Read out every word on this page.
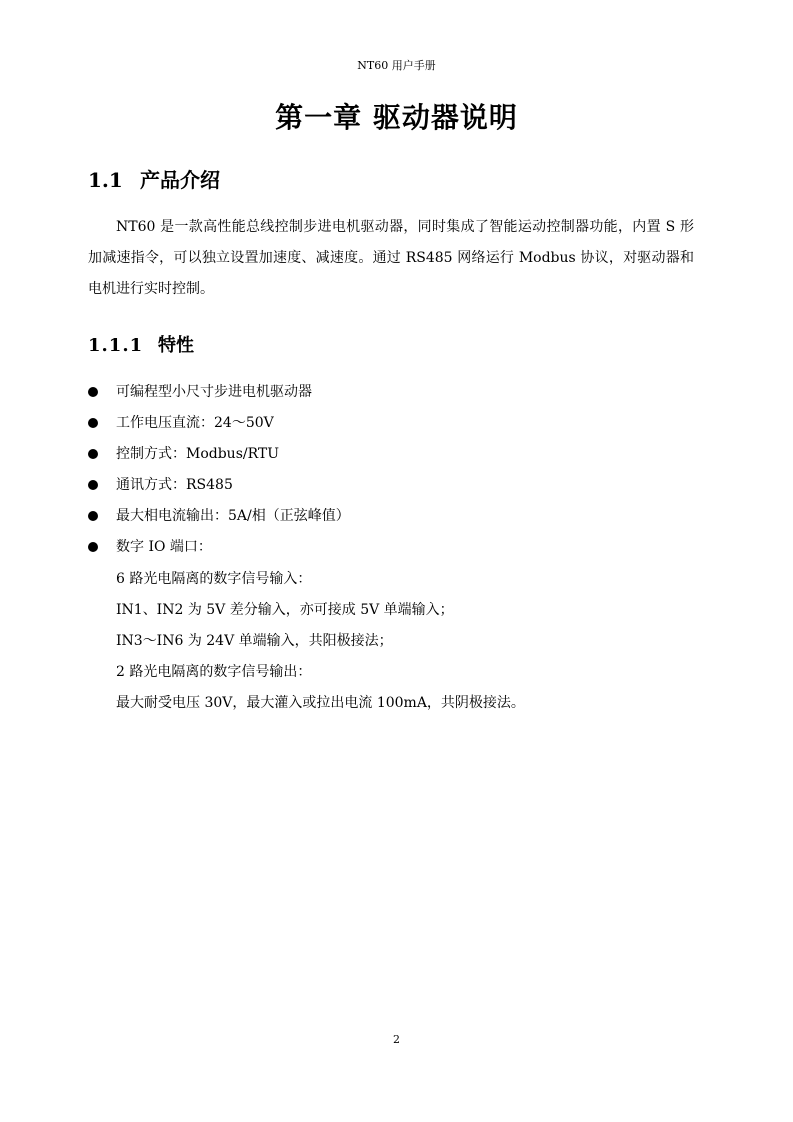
NT60 用户手册
第一章 驱动器说明
1.1 产品介绍

NT60 是一款高性能总线控制步进电机驱动器，同时集成了智能运动控制器功能，内置 S 形加减速指令，可以独立设置加速度、减速度。通过 RS485 网络运行 Modbus 协议，对驱动器和电机进行实时控制。

1.1.1 特性
可编程型小尺寸步进电机驱动器
工作电压直流：24～50V
控制方式：Modbus/RTU
通讯方式：RS485
最大相电流输出：5A/相（正弦峰值）
数字 IO 端口：
6 路光电隔离的数字信号输入：
IN1、IN2 为 5V 差分输入，亦可接成 5V 单端输入；
IN3～IN6 为 24V 单端输入，共阳极接法；
2 路光电隔离的数字信号输出：
最大耐受电压 30V，最大灌入或拉出电流 100mA，共阴极接法。
2
